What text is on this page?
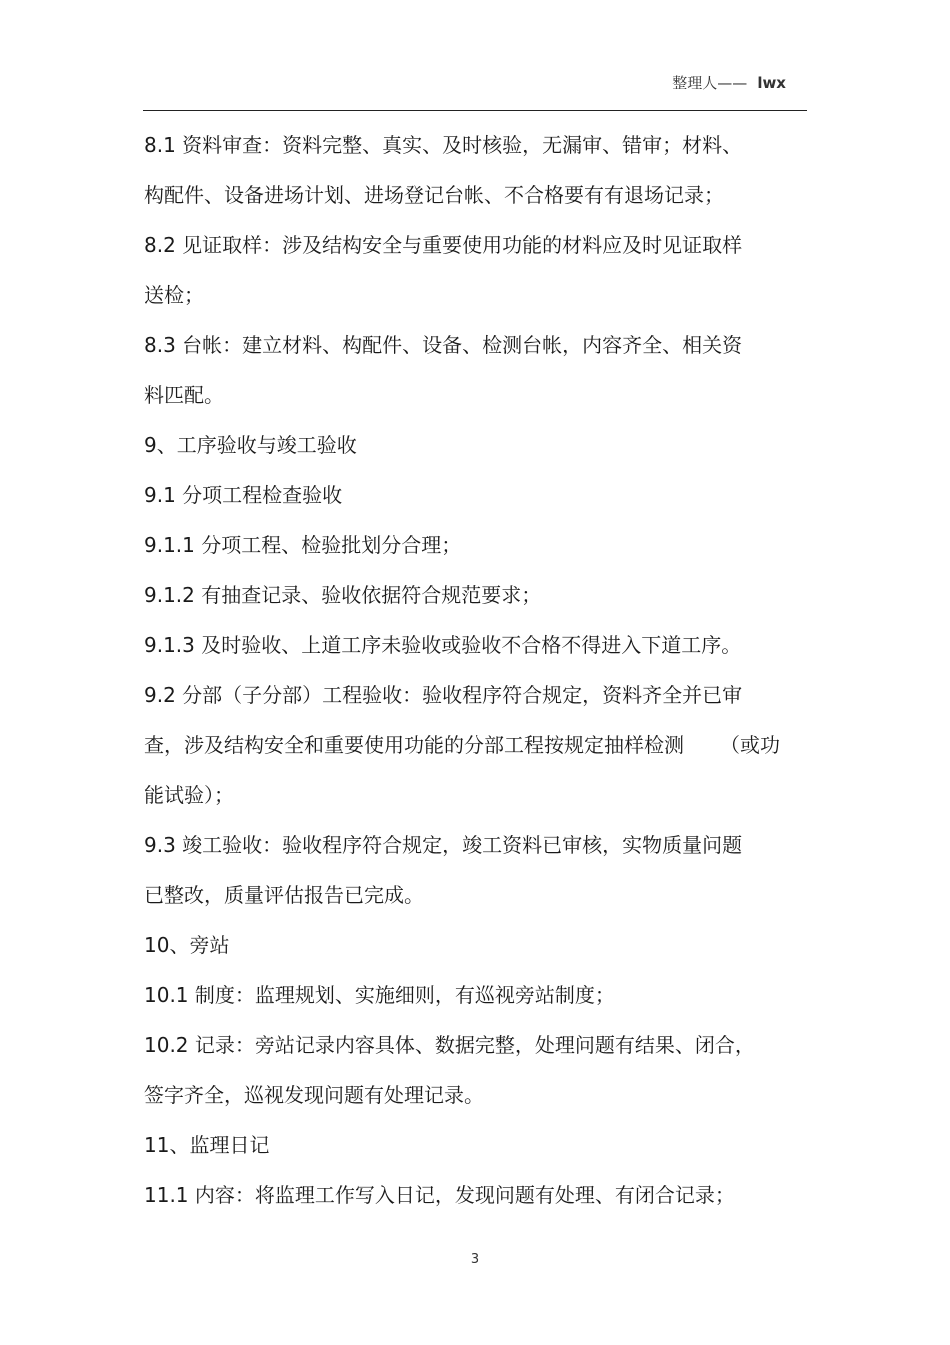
整理人—— lwx
8.1 资料审查：资料完整、真实、及时核验，无漏审、错审；材料、
构配件、设备进场计划、进场登记台帐、不合格要有有退场记录；
8.2 见证取样：涉及结构安全与重要使用功能的材料应及时见证取样
送检；
8.3 台帐：建立材料、构配件、设备、检测台帐，内容齐全、相关资
料匹配。
9、工序验收与竣工验收
9.1 分项工程检查验收
9.1.1 分项工程、检验批划分合理；
9.1.2 有抽查记录、验收依据符合规范要求；
9.1.3 及时验收、上道工序未验收或验收不合格不得进入下道工序。
9.2 分部（子分部）工程验收：验收程序符合规定，资料齐全并已审
查，涉及结构安全和重要使用功能的分部工程按规定抽样检测 （或功
能试验）；
9.3 竣工验收：验收程序符合规定，竣工资料已审核，实物质量问题
已整改，质量评估报告已完成。
10、旁站
10.1 制度：监理规划、实施细则，有巡视旁站制度；
10.2 记录：旁站记录内容具体、数据完整，处理问题有结果、闭合，
签字齐全，巡视发现问题有处理记录。
11、监理日记
11.1 内容：将监理工作写入日记，发现问题有处理、有闭合记录；
3
